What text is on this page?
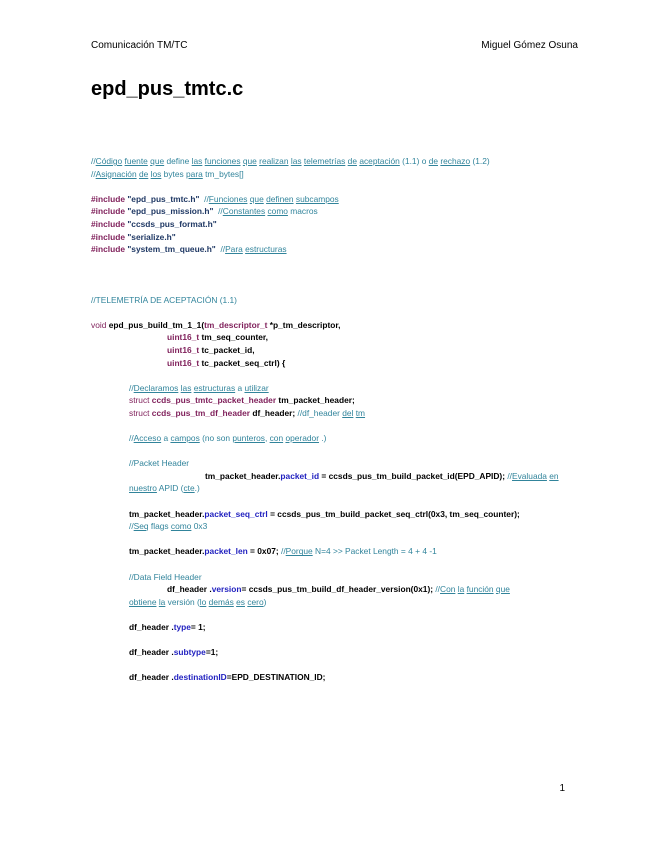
Comunicación TM/TC	Miguel Gómez Osuna
epd_pus_tmtc.c
//Código fuente que define las funciones que realizan las telemetrías de aceptación (1.1) o de rechazo (1.2)
//Asignación de los bytes para tm_bytes[]
#include "epd_pus_tmtc.h" //Funciones que definen subcampos
#include "epd_pus_mission.h" //Constantes como macros
#include "ccsds_pus_format.h"
#include "serialize.h"
#include "system_tm_queue.h" //Para estructuras
//TELEMETRÍA DE ACEPTACIÓN (1.1)
void epd_pus_build_tm_1_1(tm_descriptor_t *p_tm_descriptor,
uint16_t tm_seq_counter,
uint16_t tc_packet_id,
uint16_t tc_packet_seq_ctrl) {
//Declaramos las estructuras a utilizar
struct ccds_pus_tmtc_packet_header tm_packet_header;
struct ccds_pus_tm_df_header df_header; //df_header del tm
//Acceso a campos (no son punteros, con operador .)
//Packet Header
tm_packet_header.packet_id = ccsds_pus_tm_build_packet_id(EPD_APID); //Evaluada en
nuestro APID (cte.)
tm_packet_header.packet_seq_ctrl = ccsds_pus_tm_build_packet_seq_ctrl(0x3, tm_seq_counter);
//Seq flags como 0x3
tm_packet_header.packet_len = 0x07; //Porque N=4 >> Packet Length = 4 + 4 -1
//Data Field Header
df_header .version= ccsds_pus_tm_build_df_header_version(0x1); //Con la función que
obtiene la versión (lo demás es cero)
df_header .type= 1;
df_header .subtype=1;
df_header .destinationID=EPD_DESTINATION_ID;
1
